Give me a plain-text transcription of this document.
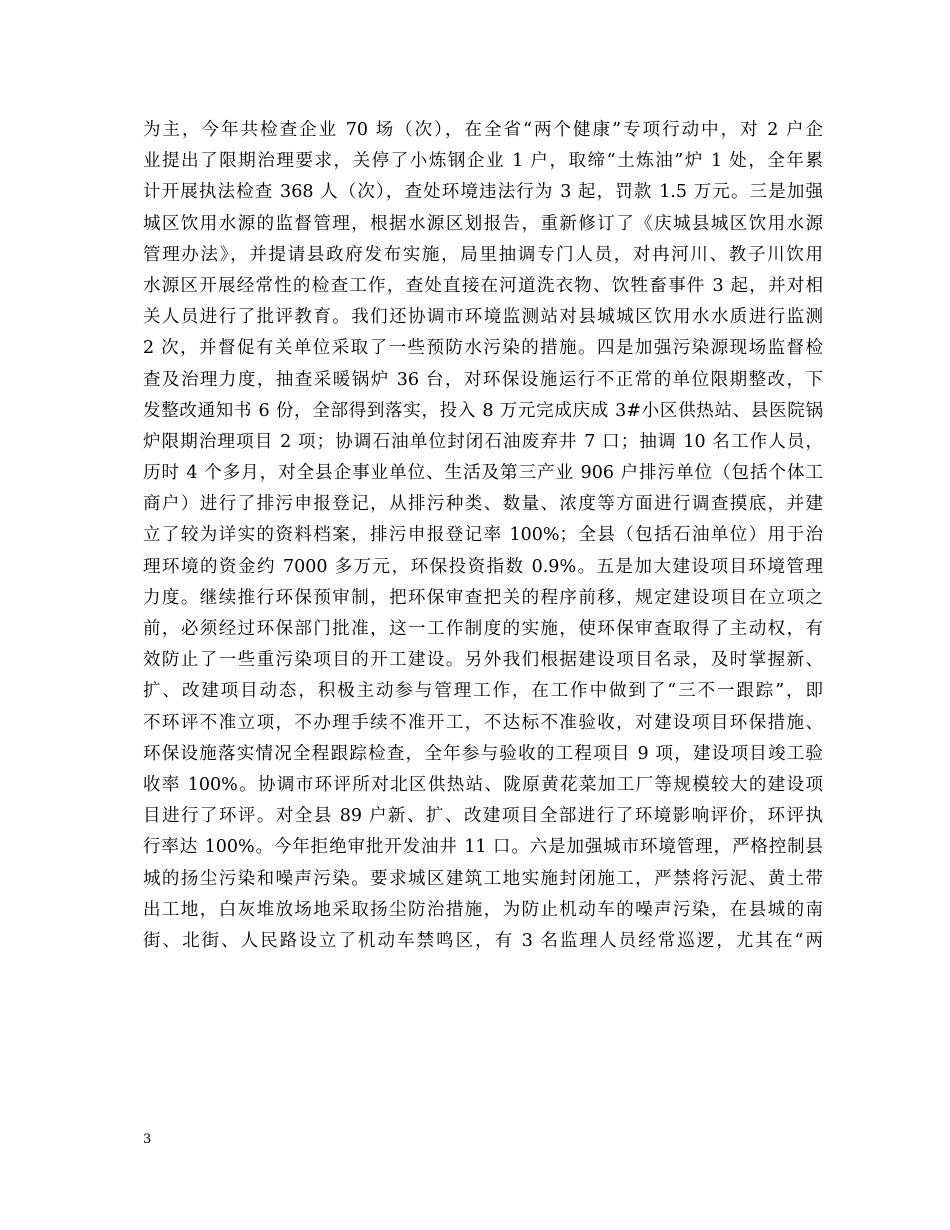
为主，今年共检查企业 70 场（次），在全省“两个健康”专项行动中，对 2 户企
业提出了限期治理要求，关停了小炼钢企业 1 户，取缔“土炼油”炉 1 处，全年累
计开展执法检查 368 人（次），查处环境违法行为 3 起，罚款 1.5 万元。三是加强
城区饮用水源的监督管理，根据水源区划报告，重新修订了《庆城县城区饮用水源
管理办法》，并提请县政府发布实施，局里抽调专门人员，对冉河川、教子川饮用
水源区开展经常性的检查工作，查处直接在河道洗衣物、饮牲畜事件 3 起，并对相
关人员进行了批评教育。我们还协调市环境监测站对县城城区饮用水水质进行监测
2 次，并督促有关单位采取了一些预防水污染的措施。四是加强污染源现场监督检
查及治理力度，抽查采暖锅炉 36 台，对环保设施运行不正常的单位限期整改，下
发整改通知书 6 份，全部得到落实，投入 8 万元完成庆成 3#小区供热站、县医院锅
炉限期治理项目 2 项；协调石油单位封闭石油废弃井 7 口；抽调 10 名工作人员，
历时 4 个多月，对全县企事业单位、生活及第三产业 906 户排污单位（包括个体工
商户）进行了排污申报登记，从排污种类、数量、浓度等方面进行调查摸底，并建
立了较为详实的资料档案，排污申报登记率 100%；全县（包括石油单位）用于治
理环境的资金约 7000 多万元，环保投资指数 0.9%。五是加大建设项目环境管理
力度。继续推行环保预审制，把环保审查把关的程序前移，规定建设项目在立项之
前，必须经过环保部门批准，这一工作制度的实施，使环保审查取得了主动权，有
效防止了一些重污染项目的开工建设。另外我们根据建设项目名录，及时掌握新、
扩、改建项目动态，积极主动参与管理工作，在工作中做到了“三不一跟踪”，即
不环评不准立项，不办理手续不准开工，不达标不准验收，对建设项目环保措施、
环保设施落实情况全程跟踪检查，全年参与验收的工程项目 9 项，建设项目竣工验
收率 100%。协调市环评所对北区供热站、陇原黄花菜加工厂等规模较大的建设项
目进行了环评。对全县 89 户新、扩、改建项目全部进行了环境影响评价，环评执
行率达 100%。今年拒绝审批开发油井 11 口。六是加强城市环境管理，严格控制县
城的扬尘污染和噪声污染。要求城区建筑工地实施封闭施工，严禁将污泥、黄土带
出工地，白灰堆放场地采取扬尘防治措施，为防止机动车的噪声污染，在县城的南
街、北街、人民路设立了机动车禁鸣区，有 3 名监理人员经常巡逻，尤其在“两
3
